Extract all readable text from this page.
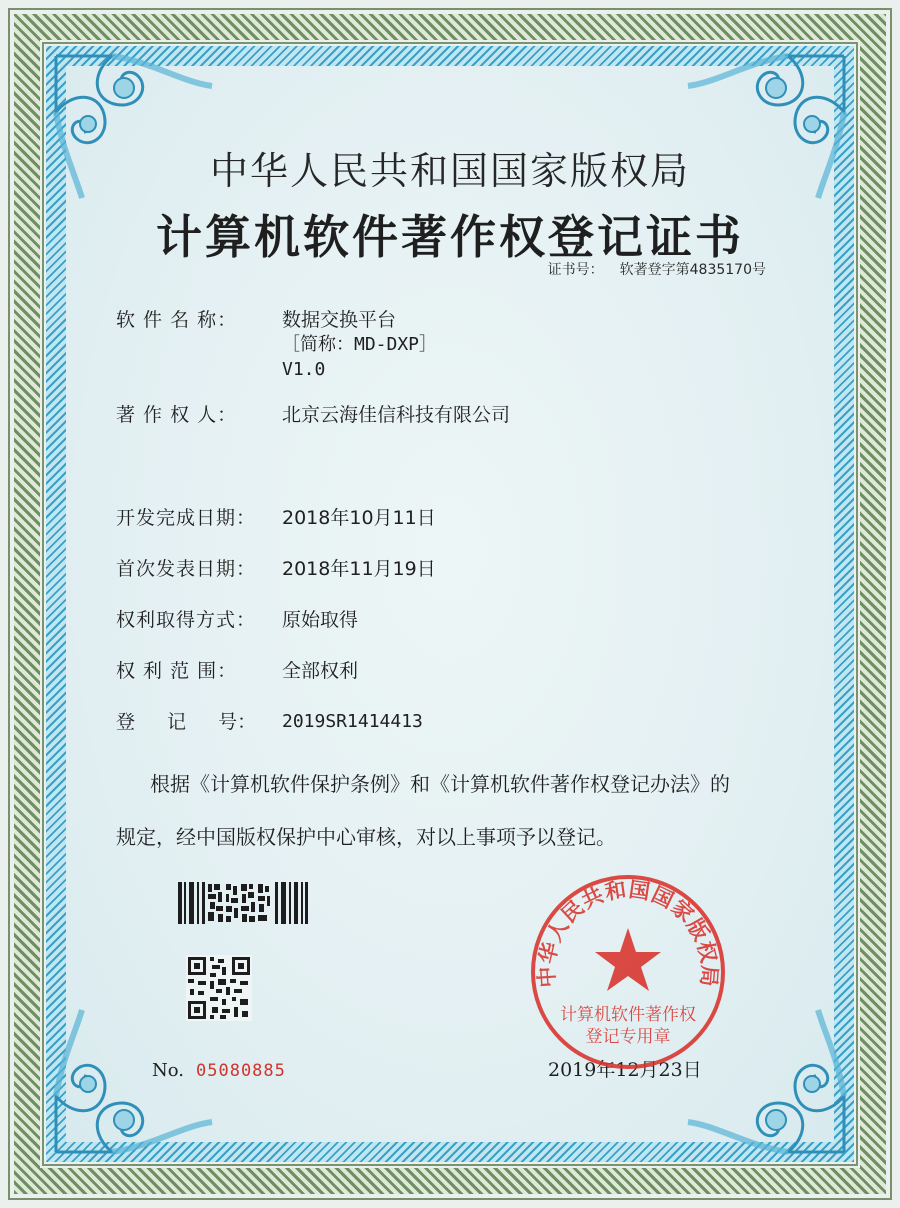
中华人民共和国国家版权局
计算机软件著作权登记证书
证书号： 软著登字第4835170号
软 件 名 称： 数据交换平台
［简称：MD-DXP］
V1.0
著 作 权 人： 北京云海佳信科技有限公司
开发完成日期： 2018年10月11日
首次发表日期： 2018年11月19日
权利取得方式： 原始取得
权 利 范 围： 全部权利
登 记 号： 2019SR1414413
根据《计算机软件保护条例》和《计算机软件著作权登记办法》的
规定，经中国版权保护中心审核，对以上事项予以登记。
No. 05080885	2019年12月23日
中华人民共和国国家版权局
计算机软件著作权
登记专用章
